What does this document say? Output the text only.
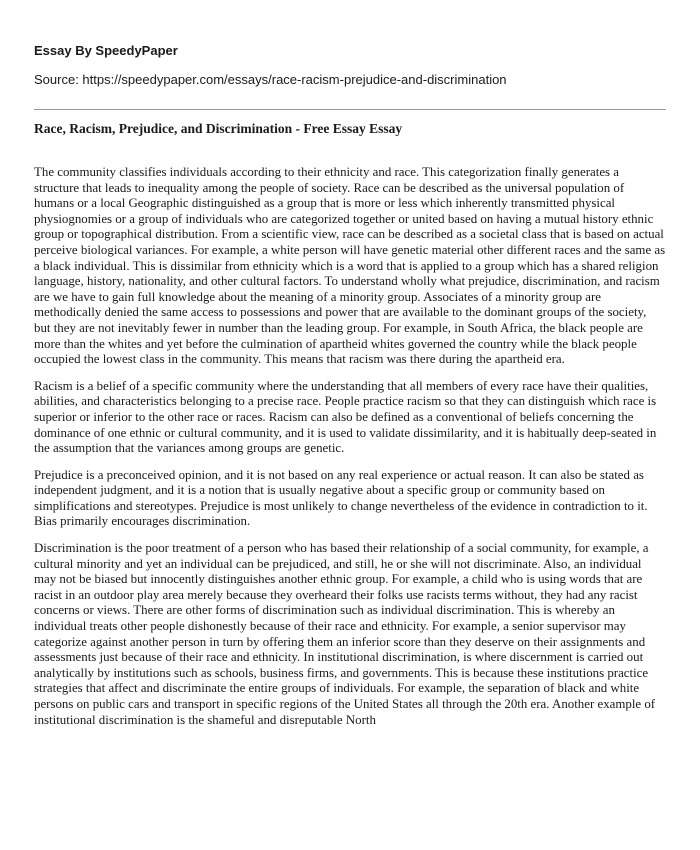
Essay By SpeedyPaper

Source: https://speedypaper.com/essays/race-racism-prejudice-and-discrimination

Race, Racism, Prejudice, and Discrimination - Free Essay Essay

The community classifies individuals according to their ethnicity and race. This categorization finally generates a structure that leads to inequality among the people of society. Race can be described as the universal population of humans or a local Geographic distinguished as a group that is more or less which inherently transmitted physical physiognomies or a group of individuals who are categorized together or united based on having a mutual history ethnic group or topographical distribution. From a scientific view, race can be described as a societal class that is based on actual perceive biological variances. For example, a white person will have genetic material other different races and the same as a black individual. This is dissimilar from ethnicity which is a word that is applied to a group which has a shared religion language, history, nationality, and other cultural factors. To understand wholly what prejudice, discrimination, and racism are we have to gain full knowledge about the meaning of a minority group. Associates of a minority group are methodically denied the same access to possessions and power that are available to the dominant groups of the society, but they are not inevitably fewer in number than the leading group. For example, in South Africa, the black people are more than the whites and yet before the culmination of apartheid whites governed the country while the black people occupied the lowest class in the community. This means that racism was there during the apartheid era.

Racism is a belief of a specific community where the understanding that all members of every race have their qualities, abilities, and characteristics belonging to a precise race. People practice racism so that they can distinguish which race is superior or inferior to the other race or races. Racism can also be defined as a conventional of beliefs concerning the dominance of one ethnic or cultural community, and it is used to validate dissimilarity, and it is habitually deep-seated in the assumption that the variances among groups are genetic.

Prejudice is a preconceived opinion, and it is not based on any real experience or actual reason. It can also be stated as independent judgment, and it is a notion that is usually negative about a specific group or community based on simplifications and stereotypes. Prejudice is most unlikely to change nevertheless of the evidence in contradiction to it. Bias primarily encourages discrimination.

Discrimination is the poor treatment of a person who has based their relationship of a social community, for example, a cultural minority and yet an individual can be prejudiced, and still, he or she will not discriminate. Also, an individual may not be biased but innocently distinguishes another ethnic group. For example, a child who is using words that are racist in an outdoor play area merely because they overheard their folks use racists terms without, they had any racist concerns or views. There are other forms of discrimination such as individual discrimination. This is whereby an individual treats other people dishonestly because of their race and ethnicity. For example, a senior supervisor may categorize against another person in turn by offering them an inferior score than they deserve on their assignments and assessments just because of their race and ethnicity. In institutional discrimination, is where discernment is carried out analytically by institutions such as schools, business firms, and governments. This is because these institutions practice strategies that affect and discriminate the entire groups of individuals. For example, the separation of black and white persons on public cars and transport in specific regions of the United States all through the 20th era. Another example of institutional discrimination is the shameful and disreputable North
